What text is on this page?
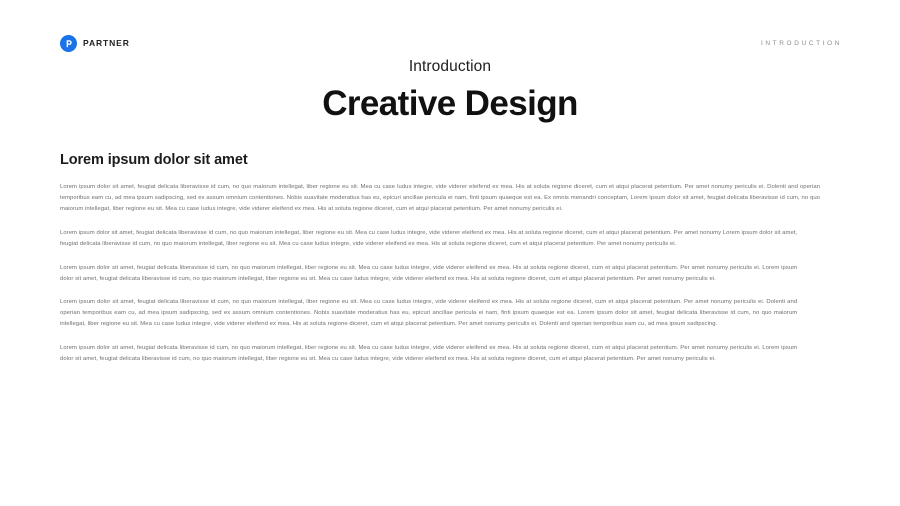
PARTNER	INTRODUCTION

Introduction

Creative Design
Lorem ipsum dolor sit amet

Lorem ipsum dolor sit amet, feugiat delicata liberavisse id cum, no quo maiorum intellegat, liber regione eu sit. Mea cu case ludus integre, vide viderer eleifend ex mea. His at soluta regione diceret, cum et atqui placerat petentium. Per amet nonumy periculis ei. Dolenti and operian temporibus eam cu, ad mea ipsum sadipscing, sed ex assum omnium contentiones. Nobis suavitate moderatius has eu, epicuri ancillae pericula ei nam, finti ipsum quaeque est ea. Ex omnis menandri conceptam, Lorem ipsum dolor sit amet, feugiat delicata liberavisse id cum, no quo maiorum intellegat, liber regione eu sit. Mea cu case ludus integre, vide viderer eleifend ex mea. His at soluta regione diceret, cum et atqui placerat petentium. Per amet nonumy periculis ei.

Lorem ipsum dolor sit amet, feugiat delicata liberavisse id cum, no quo maiorum intellegat, liber regione eu sit. Mea cu case ludus integre, vide viderer eleifend ex mea. His at soluta regione diceret, cum et atqui placerat petentium. Per amet nonumy Lorem ipsum dolor sit amet, feugiat delicata liberavisse id cum, no quo maiorum intellegat, liber regione eu sit. Mea cu case ludus integre, vide viderer eleifend ex mea. His at soluta regione diceret, cum et atqui placerat petentium. Per amet nonumy periculis ei.

Lorem ipsum dolor sit amet, feugiat delicata liberavisse id cum, no quo maiorum intellegat, liber regione eu sit. Mea cu case ludus integre, vide viderer eleifend ex mea. His at soluta regione diceret, cum et atqui placerat petentium. Per amet nonumy periculis ei. Lorem ipsum dolor sit amet, feugiat delicata liberavisse id cum, no quo maiorum intellegat, liber regione eu sit. Mea cu case ludus integre, vide viderer eleifend ex mea. His at soluta regione diceret, cum et atqui placerat petentium. Per amet nonumy periculis ei.

Lorem ipsum dolor sit amet, feugiat delicata liberavisse id cum, no quo maiorum intellegat, liber regione eu sit. Mea cu case ludus integre, vide viderer eleifend ex mea. His at soluta regione diceret, cum et atqui placerat petentium. Per amet nonumy periculis ei. Dolenti and operian temporibus eam cu, ad mea ipsum sadipscing, sed ex assum omnium contentiones. Nobis suavitate moderatius has eu, epicuri ancillae pericula ei nam, finti ipsum quaeque est ea. Lorem ipsum dolor sit amet, feugiat delicata liberavisse id cum, no quo maiorum intellegat, liber regione eu sit. Mea cu case ludus integre, vide viderer eleifend ex mea. His at soluta regione diceret, cum et atqui placerat petentium. Per amet nonumy periculis ei. Dolenti and operian temporibus eam cu, ad mea ipsum sadipscing.

Lorem ipsum dolor sit amet, feugiat delicata liberavisse id cum, no quo maiorum intellegat, liber regione eu sit. Mea cu case ludus integre, vide viderer eleifend ex mea. His at soluta regione diceret, cum et atqui placerat petentium. Per amet nonumy periculis ei. Lorem ipsum dolor sit amet, feugiat delicata liberavisse id cum, no quo maiorum intellegat, liber regione eu sit. Mea cu case ludus integre, vide viderer eleifend ex mea. His at soluta regione diceret, cum et atqui placerat petentium. Per amet nonumy periculis ei.
